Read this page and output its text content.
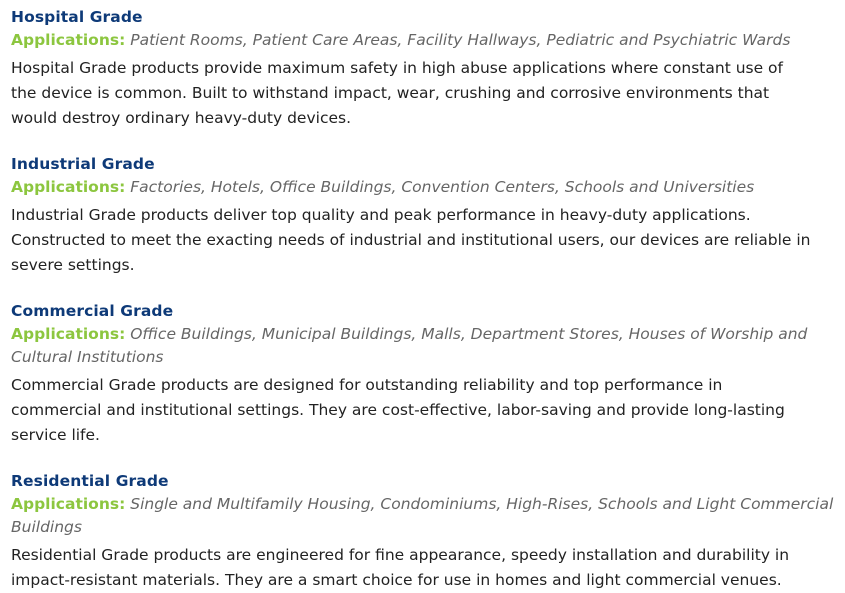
Hospital Grade

Applications: Patient Rooms, Patient Care Areas, Facility Hallways, Pediatric and Psychiatric Wards

Hospital Grade products provide maximum safety in high abuse applications where constant use of the device is common. Built to withstand impact, wear, crushing and corrosive environments that would destroy ordinary heavy-duty devices.

Industrial Grade

Applications: Factories, Hotels, Office Buildings, Convention Centers, Schools and Universities

Industrial Grade products deliver top quality and peak performance in heavy-duty applications. Constructed to meet the exacting needs of industrial and institutional users, our devices are reliable in severe settings.

Commercial Grade

Applications: Office Buildings, Municipal Buildings, Malls, Department Stores, Houses of Worship and Cultural Institutions

Commercial Grade products are designed for outstanding reliability and top performance in commercial and institutional settings. They are cost-effective, labor-saving and provide long-lasting service life.

Residential Grade

Applications: Single and Multifamily Housing, Condominiums, High-Rises, Schools and Light Commercial Buildings

Residential Grade products are engineered for fine appearance, speedy installation and durability in impact-resistant materials. They are a smart choice for use in homes and light commercial venues.
